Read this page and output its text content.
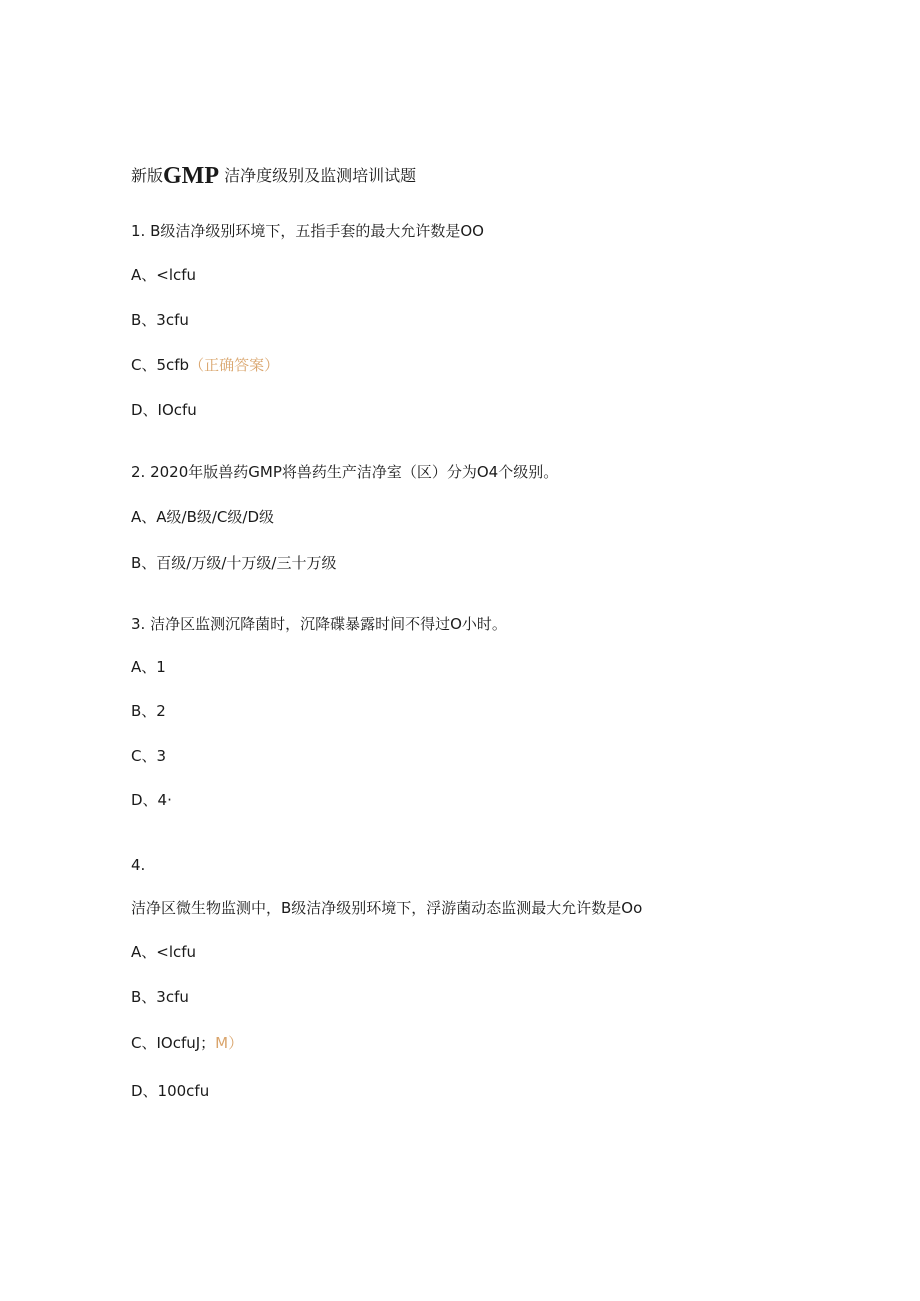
新版GMP 洁净度级别及监测培训试题
1. B级洁净级别环境下，五指手套的最大允许数是OO
A、<lcfu
B、3cfu
C、5cfb（正确答案）
D、IOcfu
2. 2020年版兽药GMP将兽药生产洁净室（区）分为O4个级别。
A、A级/B级/C级/D级
B、百级/万级/十万级/三十万级
3. 洁净区监测沉降菌时，沉降碟暴露时间不得过O小时。
A、1
B、2
C、3
D、4·
4.
洁净区微生物监测中，B级洁净级别环境下，浮游菌动态监测最大允许数是Oo
A、<lcfu
B、3cfu
C、IOcfuJ；M）
D、100cfu
